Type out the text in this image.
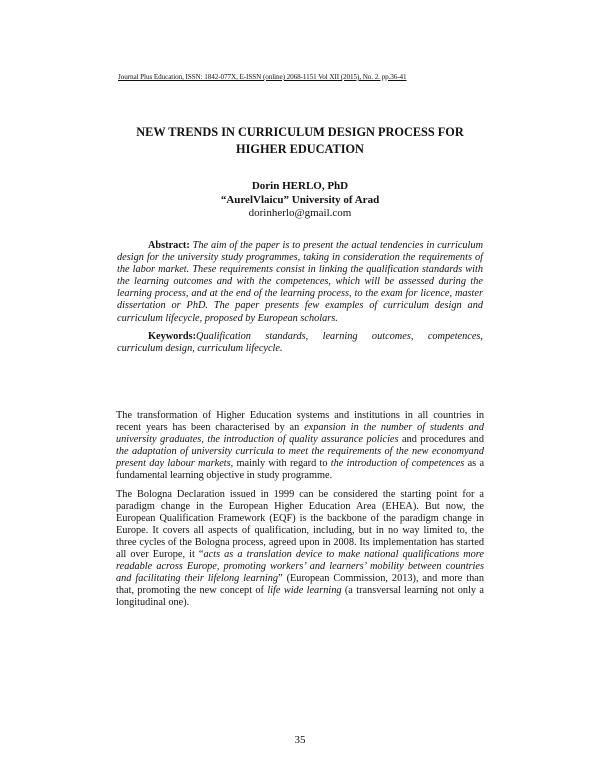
Journal Plus Education, ISSN: 1842-077X, E-ISSN (online) 2068-1151 Vol XII (2015), No. 2. pp.36-41
NEW TRENDS IN CURRICULUM DESIGN PROCESS FOR
HIGHER EDUCATION
Dorin HERLO, PhD
“AurelVlaicu” University of Arad
dorinherlo@gmail.com

Abstract: The aim of the paper is to present the actual tendencies in curriculum design for the university study programmes, taking in consideration the requirements of the labor market. These requirements consist in linking the qualification standards with the learning outcomes and with the competences, which will be assessed during the learning process, and at the end of the learning process, to the exam for licence, master dissertation or PhD. The paper presents few examples of curriculum design and curriculum lifecycle, proposed by European scholars.

Keywords:Qualification standards, learning outcomes, competences, curriculum design, curriculum lifecycle.

The transformation of Higher Education systems and institutions in all countries in recent years has been characterised by an expansion in the number of students and university graduates, the introduction of quality assurance policies and procedures and the adaptation of university curricula to meet the requirements of the new economyand present day labour markets, mainly with regard to the introduction of competences as a fundamental learning objective in study programme.

The Bologna Declaration issued in 1999 can be considered the starting point for a paradigm change in the European Higher Education Area (EHEA). But now, the European Qualification Framework (EQF) is the backbone of the paradigm change in Europe. It covers all aspects of qualification, including, but in no way limited to, the three cycles of the Bologna process, agreed upon in 2008. Its implementation has started all over Europe, it “acts as a translation device to make national qualifications more readable across Europe, promoting workers’ and learners’ mobility between countries and facilitating their lifelong learning” (European Commission, 2013), and more than that, promoting the new concept of life wide learning (a transversal learning not only a longitudinal one).

35
